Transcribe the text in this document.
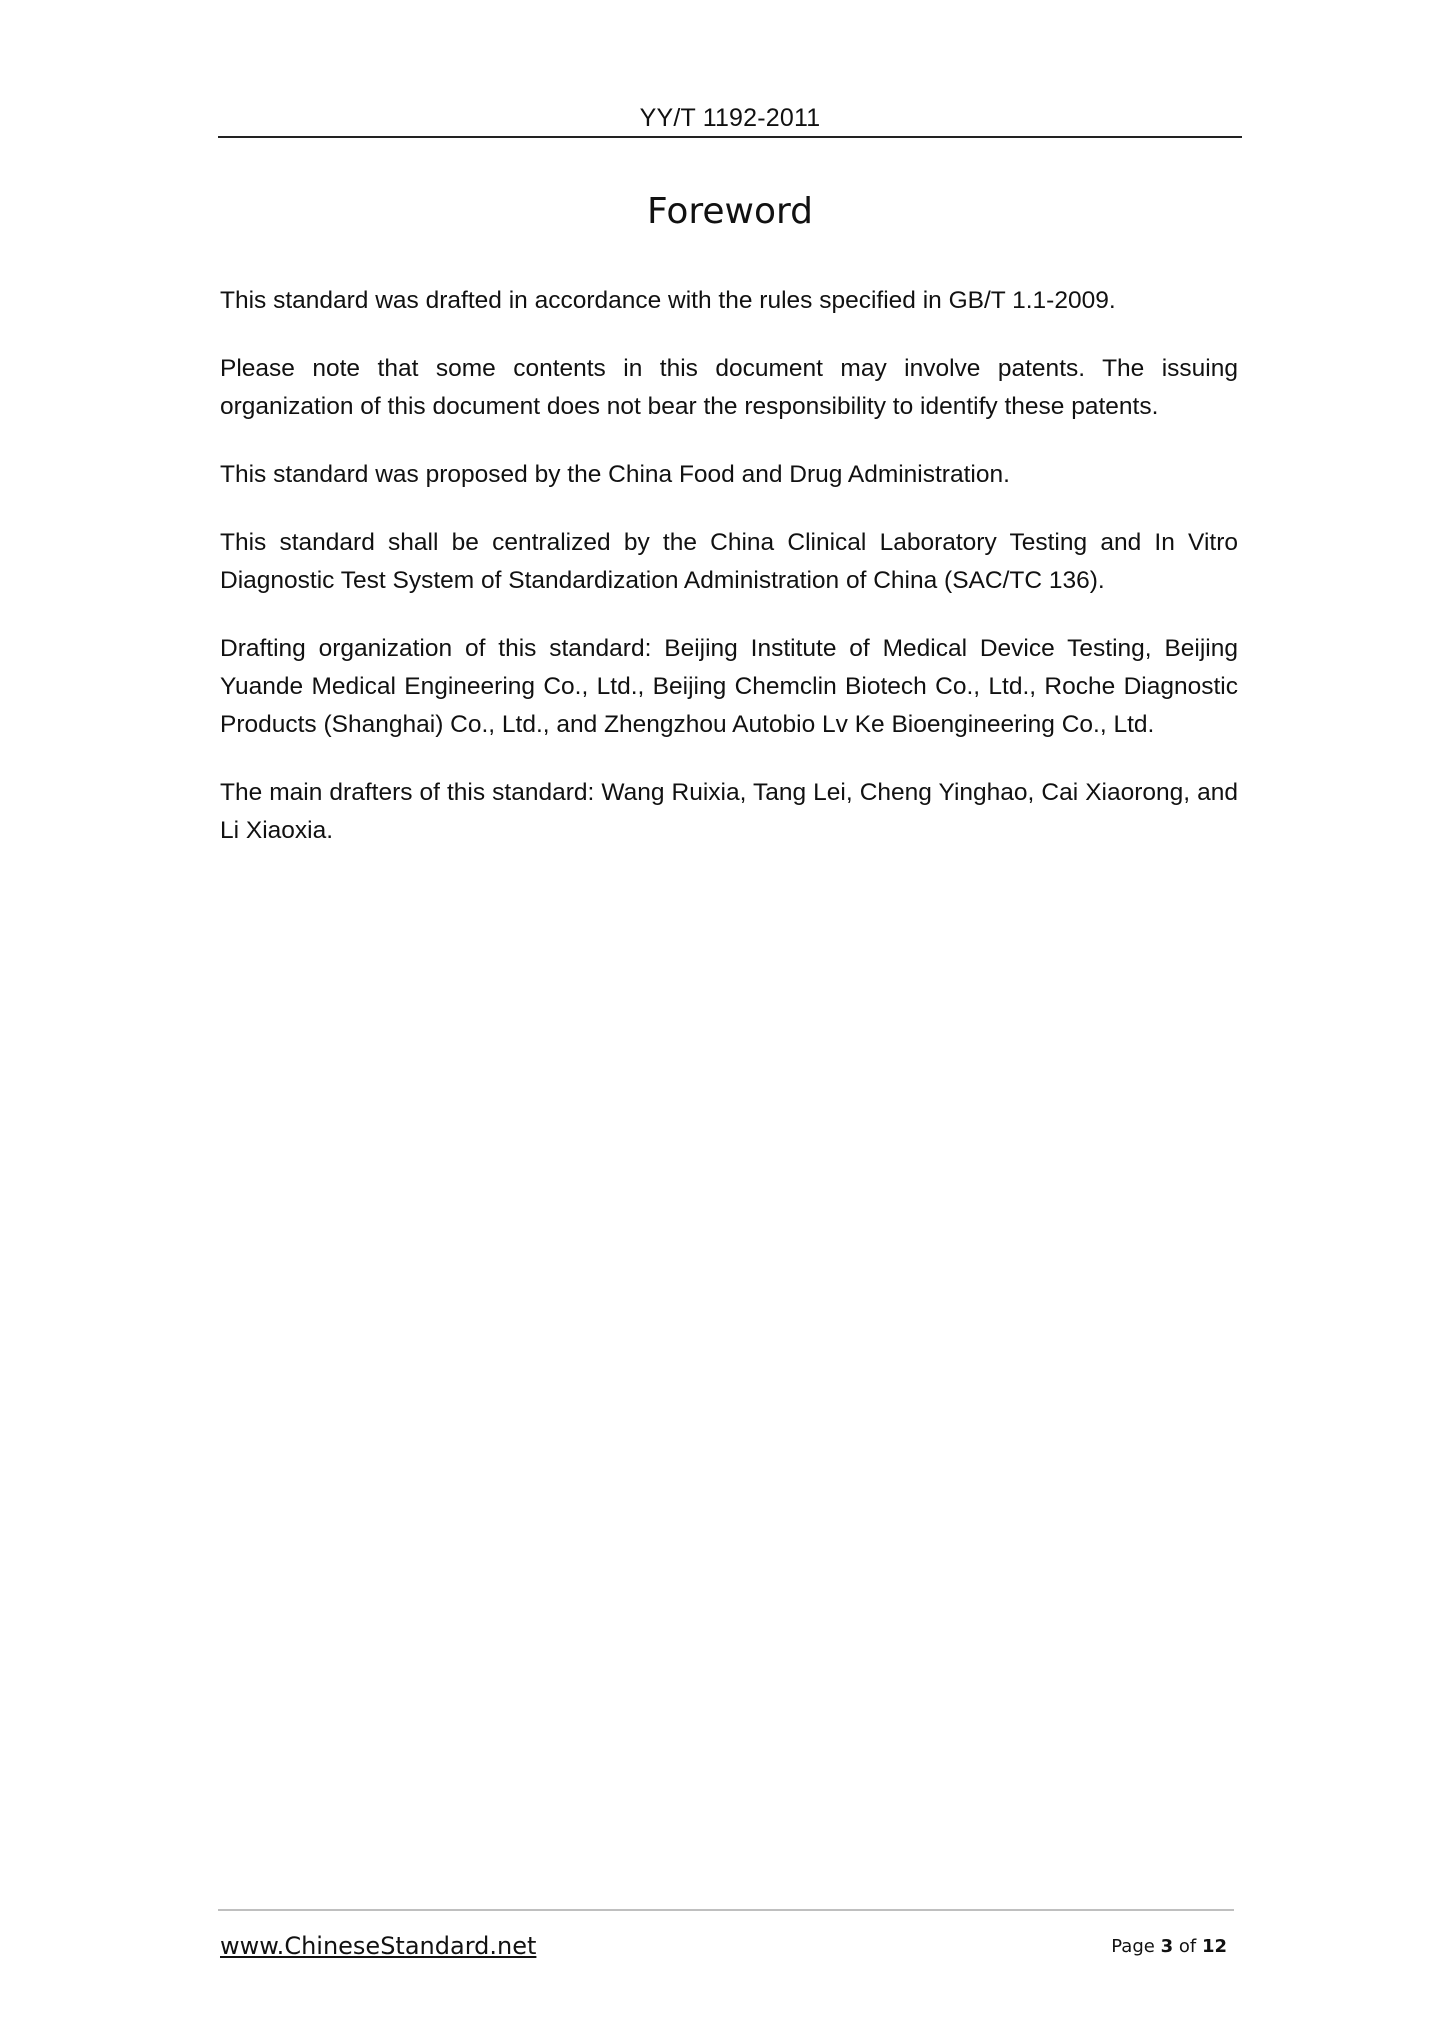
YY/T 1192-2011
Foreword

This standard was drafted in accordance with the rules specified in GB/T 1.1-2009.

Please note that some contents in this document may involve patents. The issuing organization of this document does not bear the responsibility to identify these patents.

This standard was proposed by the China Food and Drug Administration.

This standard shall be centralized by the China Clinical Laboratory Testing and In Vitro Diagnostic Test System of Standardization Administration of China (SAC/TC 136).

Drafting organization of this standard: Beijing Institute of Medical Device Testing, Beijing Yuande Medical Engineering Co., Ltd., Beijing Chemclin Biotech Co., Ltd., Roche Diagnostic Products (Shanghai) Co., Ltd., and Zhengzhou Autobio Lv Ke Bioengineering Co., Ltd.

The main drafters of this standard: Wang Ruixia, Tang Lei, Cheng Yinghao, Cai Xiaorong, and Li Xiaoxia.

www.ChineseStandard.net	Page 3 of 12
